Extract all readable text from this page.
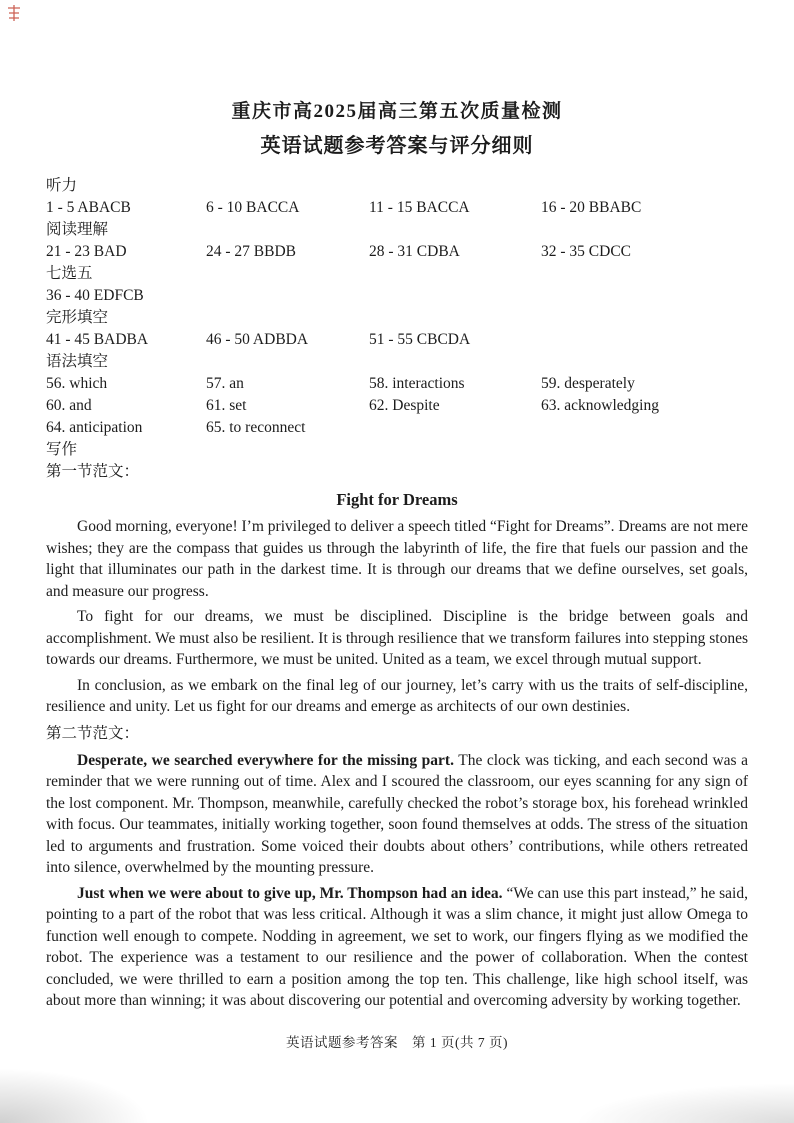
重庆市高2025届高三第五次质量检测
英语试题参考答案与评分细则
听力
1 - 5 ABACB	6 - 10 BACCA	11 - 15 BACCA	16 - 20 BBABC
阅读理解
21 - 23 BAD	24 - 27 BBDB	28 - 31 CDBA	32 - 35 CDCC
七选五
36 - 40 EDFCB
完形填空
41 - 45 BADBA	46 - 50 ADBDA	51 - 55 CBCDA
语法填空
56. which	57. an	58. interactions	59. desperately
60. and	61. set	62. Despite	63. acknowledging
64. anticipation	65. to reconnect
写作
第一节范文：
Fight for Dreams

Good morning, everyone! I’m privileged to deliver a speech titled “Fight for Dreams”. Dreams are not mere wishes; they are the compass that guides us through the labyrinth of life, the fire that fuels our passion and the light that illuminates our path in the darkest time. It is through our dreams that we define ourselves, set goals, and measure our progress.

To fight for our dreams, we must be disciplined. Discipline is the bridge between goals and accomplishment. We must also be resilient. It is through resilience that we transform failures into stepping stones towards our dreams. Furthermore, we must be united. United as a team, we excel through mutual support.

In conclusion, as we embark on the final leg of our journey, let’s carry with us the traits of self-discipline, resilience and unity. Let us fight for our dreams and emerge as architects of our own destinies.

第二节范文：

Desperate, we searched everywhere for the missing part. The clock was ticking, and each second was a reminder that we were running out of time. Alex and I scoured the classroom, our eyes scanning for any sign of the lost component. Mr. Thompson, meanwhile, carefully checked the robot’s storage box, his forehead wrinkled with focus. Our teammates, initially working together, soon found themselves at odds. The stress of the situation led to arguments and frustration. Some voiced their doubts about others’ contributions, while others retreated into silence, overwhelmed by the mounting pressure.

Just when we were about to give up, Mr. Thompson had an idea. “We can use this part instead,” he said, pointing to a part of the robot that was less critical. Although it was a slim chance, it might just allow Omega to function well enough to compete. Nodding in agreement, we set to work, our fingers flying as we modified the robot. The experience was a testament to our resilience and the power of collaboration. When the contest concluded, we were thrilled to earn a position among the top ten. This challenge, like high school itself, was about more than winning; it was about discovering our potential and overcoming adversity by working together.

英语试题参考答案　第 1 页(共 7 页)
